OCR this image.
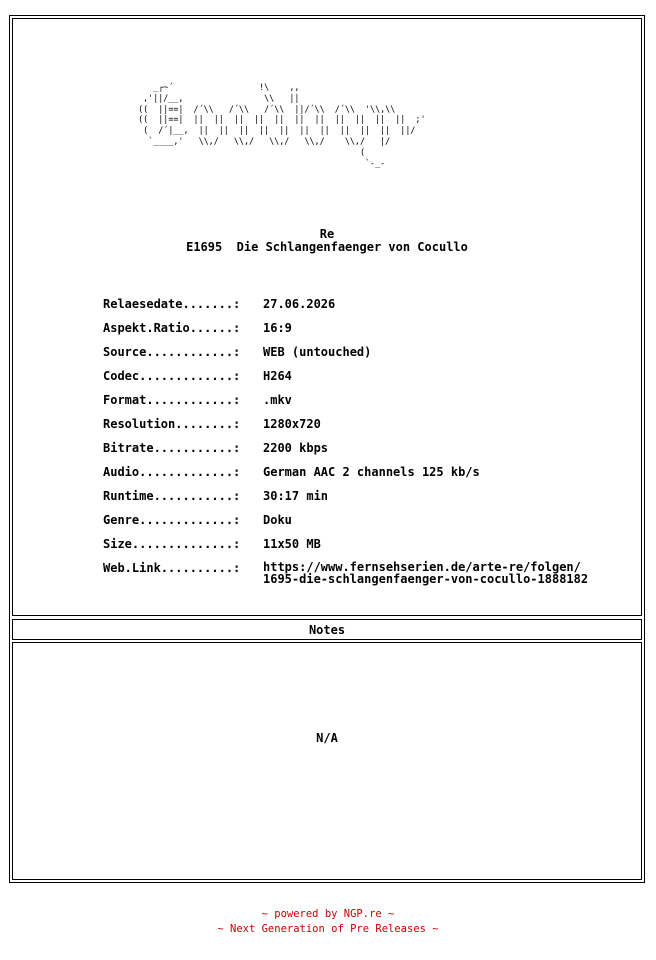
Notes
N/A
_┌~´                 !\    ,,
,'||/__,                \\   ||
((  ||==|  /´\\   /´\\   /´\\  ||/´\\  /´\\  '\\,\\
((  ||==|  ||  ||  ||  ||  ||  ||  ||  ||  ||  ||  ||  ;'
(  /´|__,  ||  ||  ||  ||  ||  ||  ||  ||  ||  ||  ||/
`____,'   \\,/   \\,/   \\,/   \\,/    \\,/   |/
(
`-_-
Re
E1695  Die Schlangenfaenger von Cocullo

Relaesedate.......:

27.06.2026

Aspekt.Ratio......:

16:9

Source............:

WEB (untouched)

Codec.............:

H264

Format............:

.mkv

Resolution........:

1280x720

Bitrate...........:

2200 kbps

Audio.............:

German AAC 2 channels 125 kb/s

Runtime...........:

30:17 min

Genre.............:

Doku

Size..............:

11x50 MB

Web.Link..........:

https://www.fernsehserien.de/arte-re/folgen/
1695-die-schlangenfaenger-von-cocullo-1888182

~ powered by NGP.re ~
~ Next Generation of Pre Releases ~
